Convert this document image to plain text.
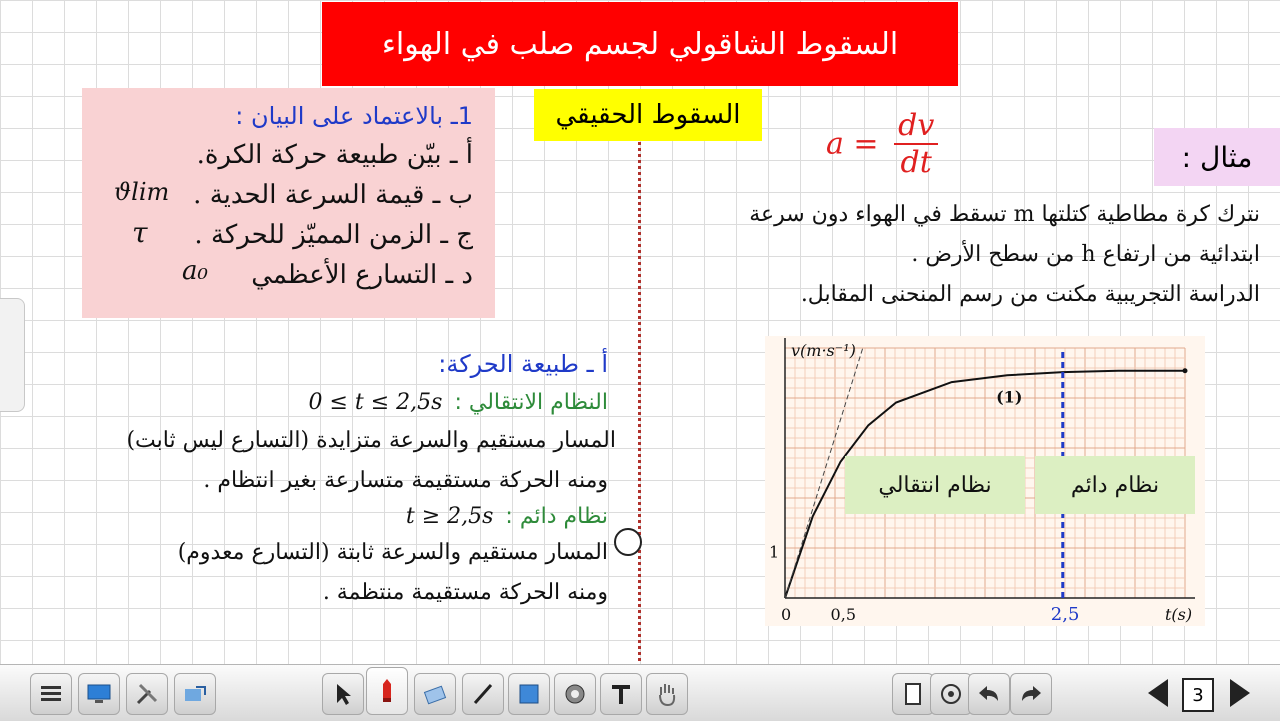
السقوط الشاقولي لجسم صلب في الهواء
السقوط الحقيقي
1ـ بالاعتماد على البيان :
أ ـ بيّن طبيعة حركة الكرة.
ب ـ قيمة السرعة الحدية .
ج ـ الزمن المميّز للحركة .
د ـ التسارع الأعظمي
ϑlim
τ
a₀
$a = \frac{dv}{dt}$	مثال :
نترك كرة مطاطية كتلتها m تسقط في الهواء دون سرعة
ابتدائية من ارتفاع h من سطح الأرض .
الدراسة التجريبية مكنت من رسم المنحنى المقابل.
v(m·s⁻¹)
t(s)
0 0,5	2,5
1
(1)
نظام انتقالي	نظام دائم
أ ـ طبيعة الحركة:
النظام الانتقالي :
0 ≤ t ≤ 2,5s
المسار مستقيم والسرعة متزايدة (التسارع ليس ثابت)
ومنه الحركة مستقيمة متسارعة بغير انتظام .
نظام دائم :
t ≥ 2,5s
المسار مستقيم والسرعة ثابتة (التسارع معدوم)
ومنه الحركة مستقيمة منتظمة .
3
